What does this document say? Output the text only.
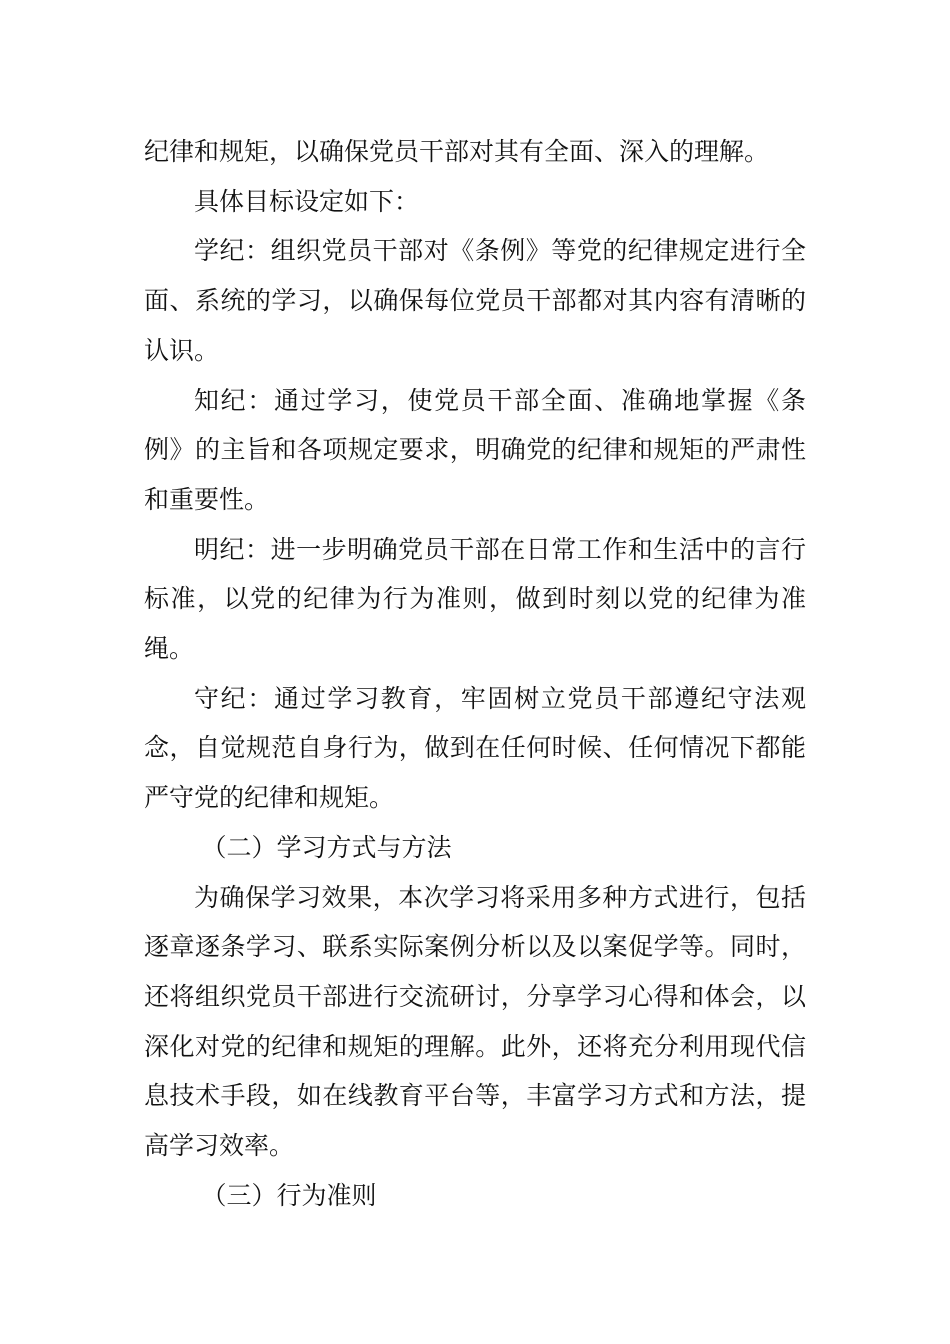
纪律和规矩，以确保党员干部对其有全面、深入的理解。

具体目标设定如下：

学纪：组织党员干部对《条例》等党的纪律规定进行全面、系统的学习，以确保每位党员干部都对其内容有清晰的认识。

知纪：通过学习，使党员干部全面、准确地掌握《条例》的主旨和各项规定要求，明确党的纪律和规矩的严肃性和重要性。

明纪：进一步明确党员干部在日常工作和生活中的言行标准，以党的纪律为行为准则，做到时刻以党的纪律为准绳。

守纪：通过学习教育，牢固树立党员干部遵纪守法观念，自觉规范自身行为，做到在任何时候、任何情况下都能严守党的纪律和规矩。

（二）学习方式与方法

为确保学习效果，本次学习将采用多种方式进行，包括逐章逐条学习、联系实际案例分析以及以案促学等。同时，还将组织党员干部进行交流研讨，分享学习心得和体会，以深化对党的纪律和规矩的理解。此外，还将充分利用现代信息技术手段，如在线教育平台等，丰富学习方式和方法，提高学习效率。

（三）行为准则
